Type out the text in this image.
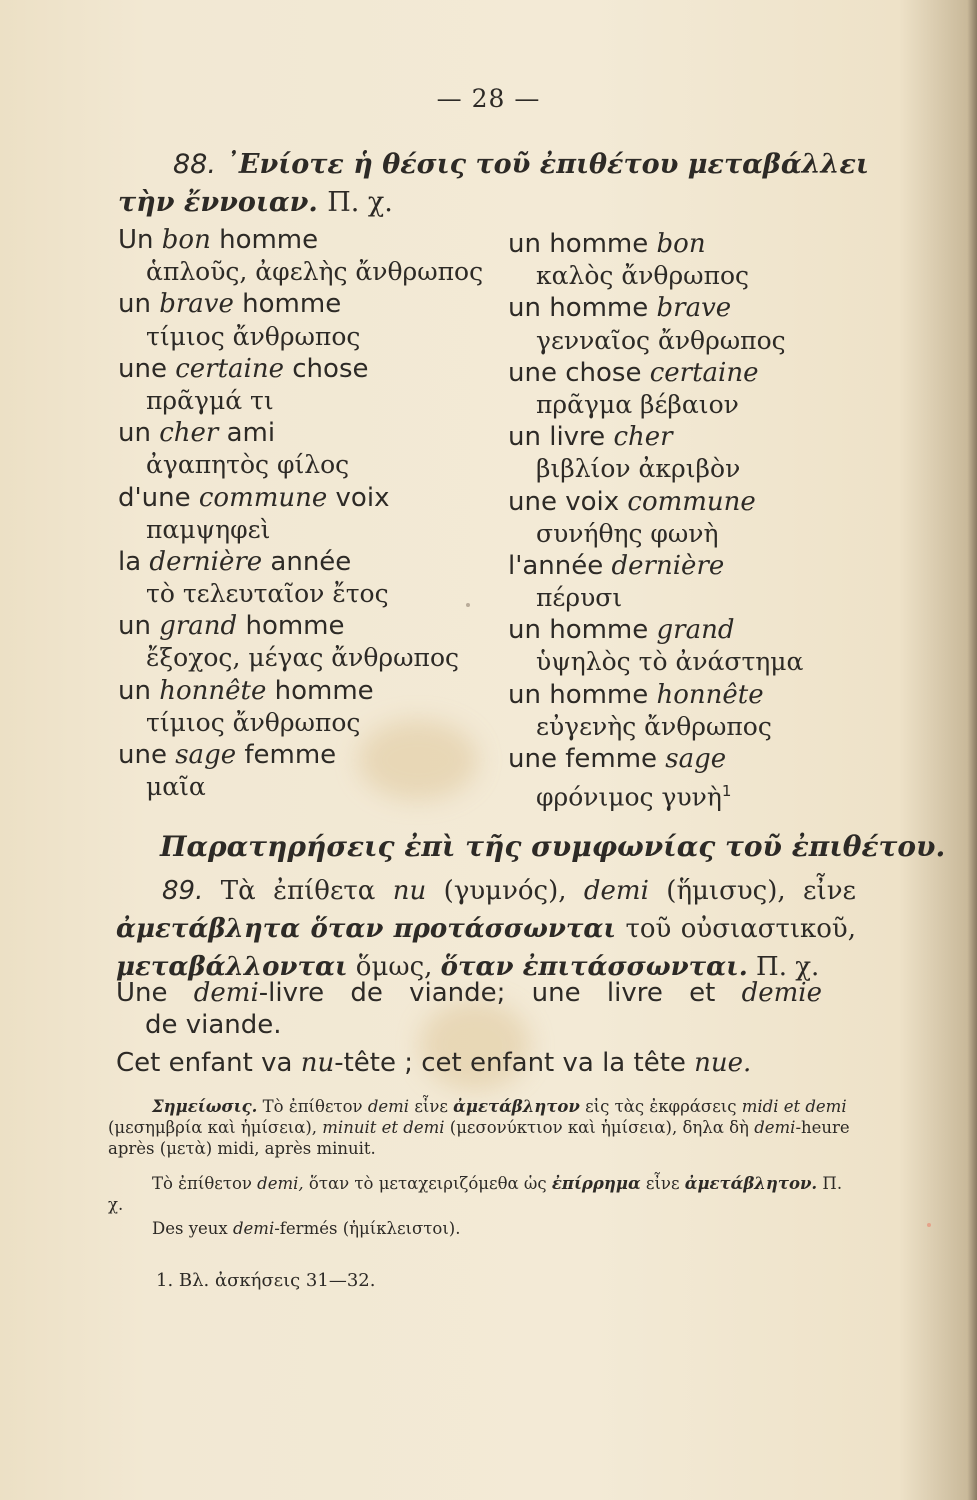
— 28 —
88. ᾽Ενίοτε ἡ θέσις τοῦ ἐπιθέτου μεταβάλλει τὴν ἔννοιαν. Π. χ.
Un bon homme
ἁπλοῦς, ἀφελὴς ἄνθρωπος
un brave homme
τίμιος ἄνθρωπος
une certaine chose
πρᾶγμά τι
un cher ami
ἀγαπητὸς φίλος
d'une commune voix
παμψηφεὶ
la dernière année
τὸ τελευταῖον ἔτος
un grand homme
ἔξοχος, μέγας ἄνθρωπος
un honnête homme
τίμιος ἄνθρωπος
une sage femme
μαῖα
un homme bon
καλὸς ἄνθρωπος
un homme brave
γενναῖος ἄνθρωπος
une chose certaine
πρᾶγμα βέβαιον
un livre cher
βιβλίον ἀκριβὸν
une voix commune
συνήθης φωνὴ
l'année dernière
πέρυσι
un homme grand
ὑψηλὸς τὸ ἀνάστημα
un homme honnête
εὐγενὴς ἄνθρωπος
une femme sage
φρόνιμος γυνὴ$^1$
Παρατηρήσεις ἐπὶ τῆς συμφωνίας τοῦ ἐπιθέτου.
89. Τὰ ἐπίθετα nu (γυμνός), demi (ἥμισυς), εἶνε ἀμετάβλητα ὅταν προτάσσωνται τοῦ οὐσιαστικοῦ, μεταβάλλονται ὅμως, ὅταν ἐπιτάσσωνται. Π. χ.
Une demi-livre de viande; une livre et demie
de viande.
Cet enfant va nu-tête ; cet enfant va la tête nue.
Σημείωσις. Τὸ ἐπίθετον demi εἶνε ἀμετάβλητον εἰς τὰς ἐκφράσεις midi et demi (μεσημβρία καὶ ἡμίσεια), minuit et demi (μεσονύκτιον καὶ ἡμίσεια), δηλα δὴ demi-heure après (μετὰ) midi, après minuit.
Τὸ ἐπίθετον demi, ὅταν τὸ μεταχειριζόμεθα ὡς ἐπίρρημα εἶνε ἀμετάβλητον. Π. χ.
Des yeux demi-fermés (ἡμίκλειστοι).
1. Βλ. ἀσκήσεις 31—32.
